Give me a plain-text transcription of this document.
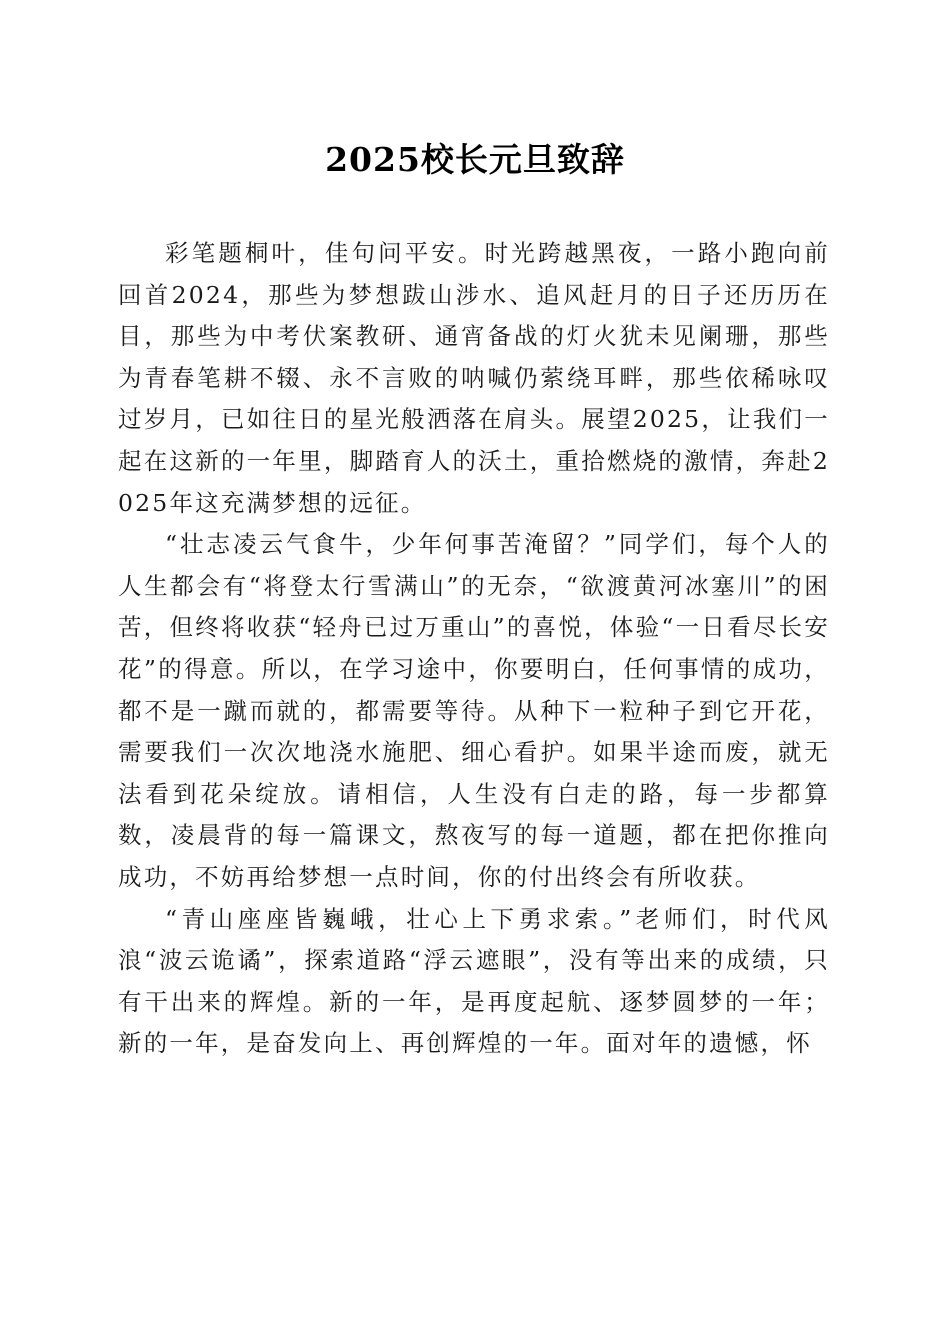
2025校长元旦致辞

彩笔题桐叶，佳句问平安。时光跨越黑夜，一路小跑向前回首2024，那些为梦想跋山涉水、追风赶月的日子还历历在目，那些为中考伏案教研、通宵备战的灯火犹未见阑珊，那些为青春笔耕不辍、永不言败的呐喊仍萦绕耳畔，那些依稀咏叹过岁月，已如往日的星光般洒落在肩头。展望2025，让我们一起在这新的一年里，脚踏育人的沃土，重拾燃烧的激情，奔赴2025年这充满梦想的远征。

“壮志凌云气食牛，少年何事苦淹留？”同学们，每个人的人生都会有“将登太行雪满山”的无奈，“欲渡黄河冰塞川”的困苦，但终将收获“轻舟已过万重山”的喜悦，体验“一日看尽长安花”的得意。所以，在学习途中，你要明白，任何事情的成功，都不是一蹴而就的，都需要等待。从种下一粒种子到它开花，需要我们一次次地浇水施肥、细心看护。如果半途而废，就无法看到花朵绽放。请相信，人生没有白走的路，每一步都算数，凌晨背的每一篇课文，熬夜写的每一道题，都在把你推向成功，不妨再给梦想一点时间，你的付出终会有所收获。

“青山座座皆巍峨，壮心上下勇求索。”老师们，时代风浪“波云诡谲”，探索道路“浮云遮眼”，没有等出来的成绩，只有干出来的辉煌。新的一年，是再度起航、逐梦圆梦的一年；新的一年，是奋发向上、再创辉煌的一年。面对年的遗憾，怀
